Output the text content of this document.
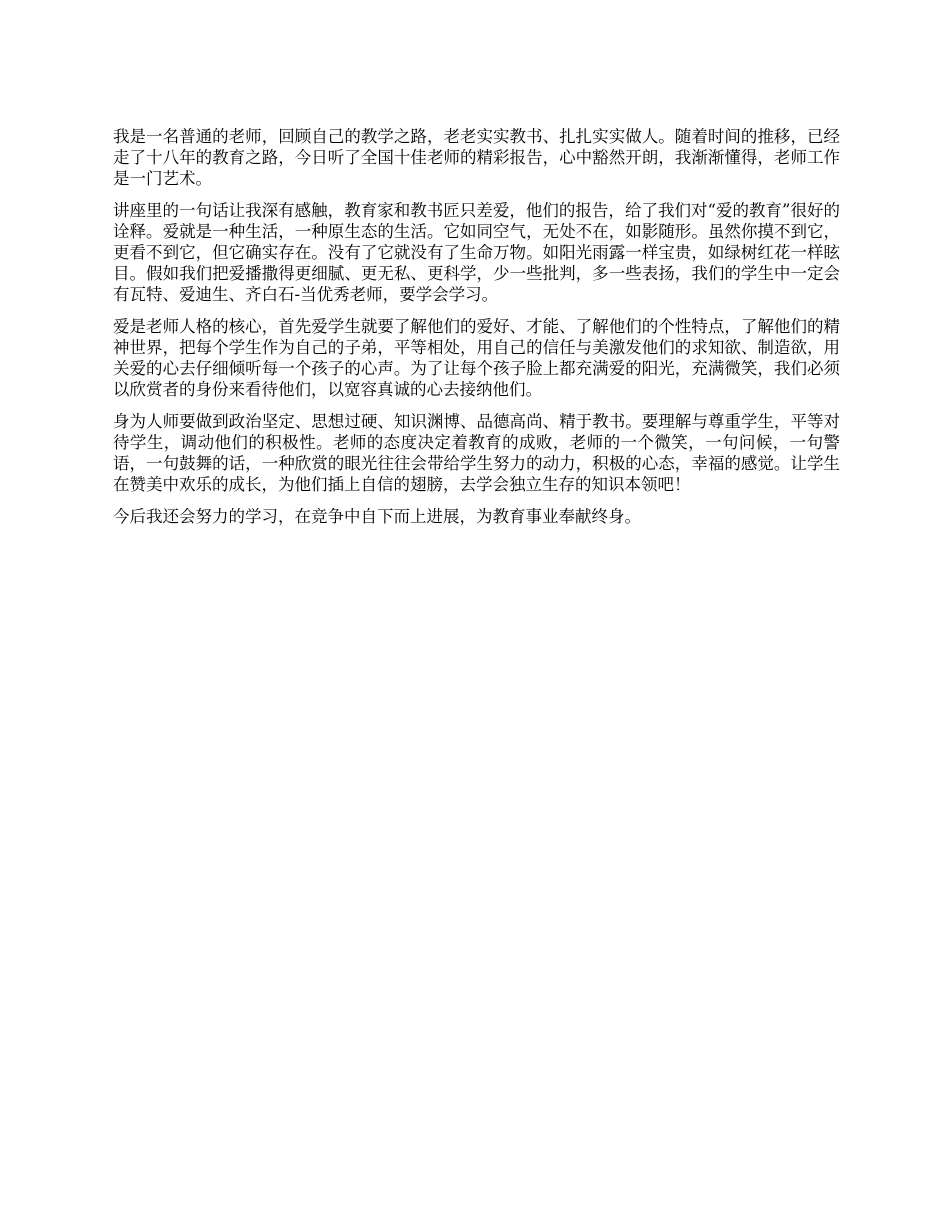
我是一名普通的老师，回顾自己的教学之路，老老实实教书、扎扎实实做人。随着时间的推移，已经走了十八年的教育之路，今日听了全国十佳老师的精彩报告，心中豁然开朗，我渐渐懂得，老师工作是一门艺术。

讲座里的一句话让我深有感触，教育家和教书匠只差爱，他们的报告，给了我们对“爱的教育”很好的诠释。爱就是一种生活，一种原生态的生活。它如同空气，无处不在，如影随形。虽然你摸不到它，更看不到它，但它确实存在。没有了它就没有了生命万物。如阳光雨露一样宝贵，如绿树红花一样眩目。假如我们把爱播撒得更细腻、更无私、更科学，少一些批判，多一些表扬，我们的学生中一定会有瓦特、爱迪生、齐白石-当优秀老师，要学会学习。

爱是老师人格的核心，首先爱学生就要了解他们的爱好、才能、了解他们的个性特点，了解他们的精神世界，把每个学生作为自己的子弟，平等相处，用自己的信任与美激发他们的求知欲、制造欲，用关爱的心去仔细倾听每一个孩子的心声。为了让每个孩子脸上都充满爱的阳光，充满微笑，我们必须以欣赏者的身份来看待他们，以宽容真诚的心去接纳他们。

身为人师要做到政治坚定、思想过硬、知识渊博、品德高尚、精于教书。要理解与尊重学生，平等对待学生，调动他们的积极性。老师的态度决定着教育的成败，老师的一个微笑，一句问候，一句警语，一句鼓舞的话，一种欣赏的眼光往往会带给学生努力的动力，积极的心态，幸福的感觉。让学生在赞美中欢乐的成长，为他们插上自信的翅膀，去学会独立生存的知识本领吧！

今后我还会努力的学习，在竞争中自下而上进展，为教育事业奉献终身。
